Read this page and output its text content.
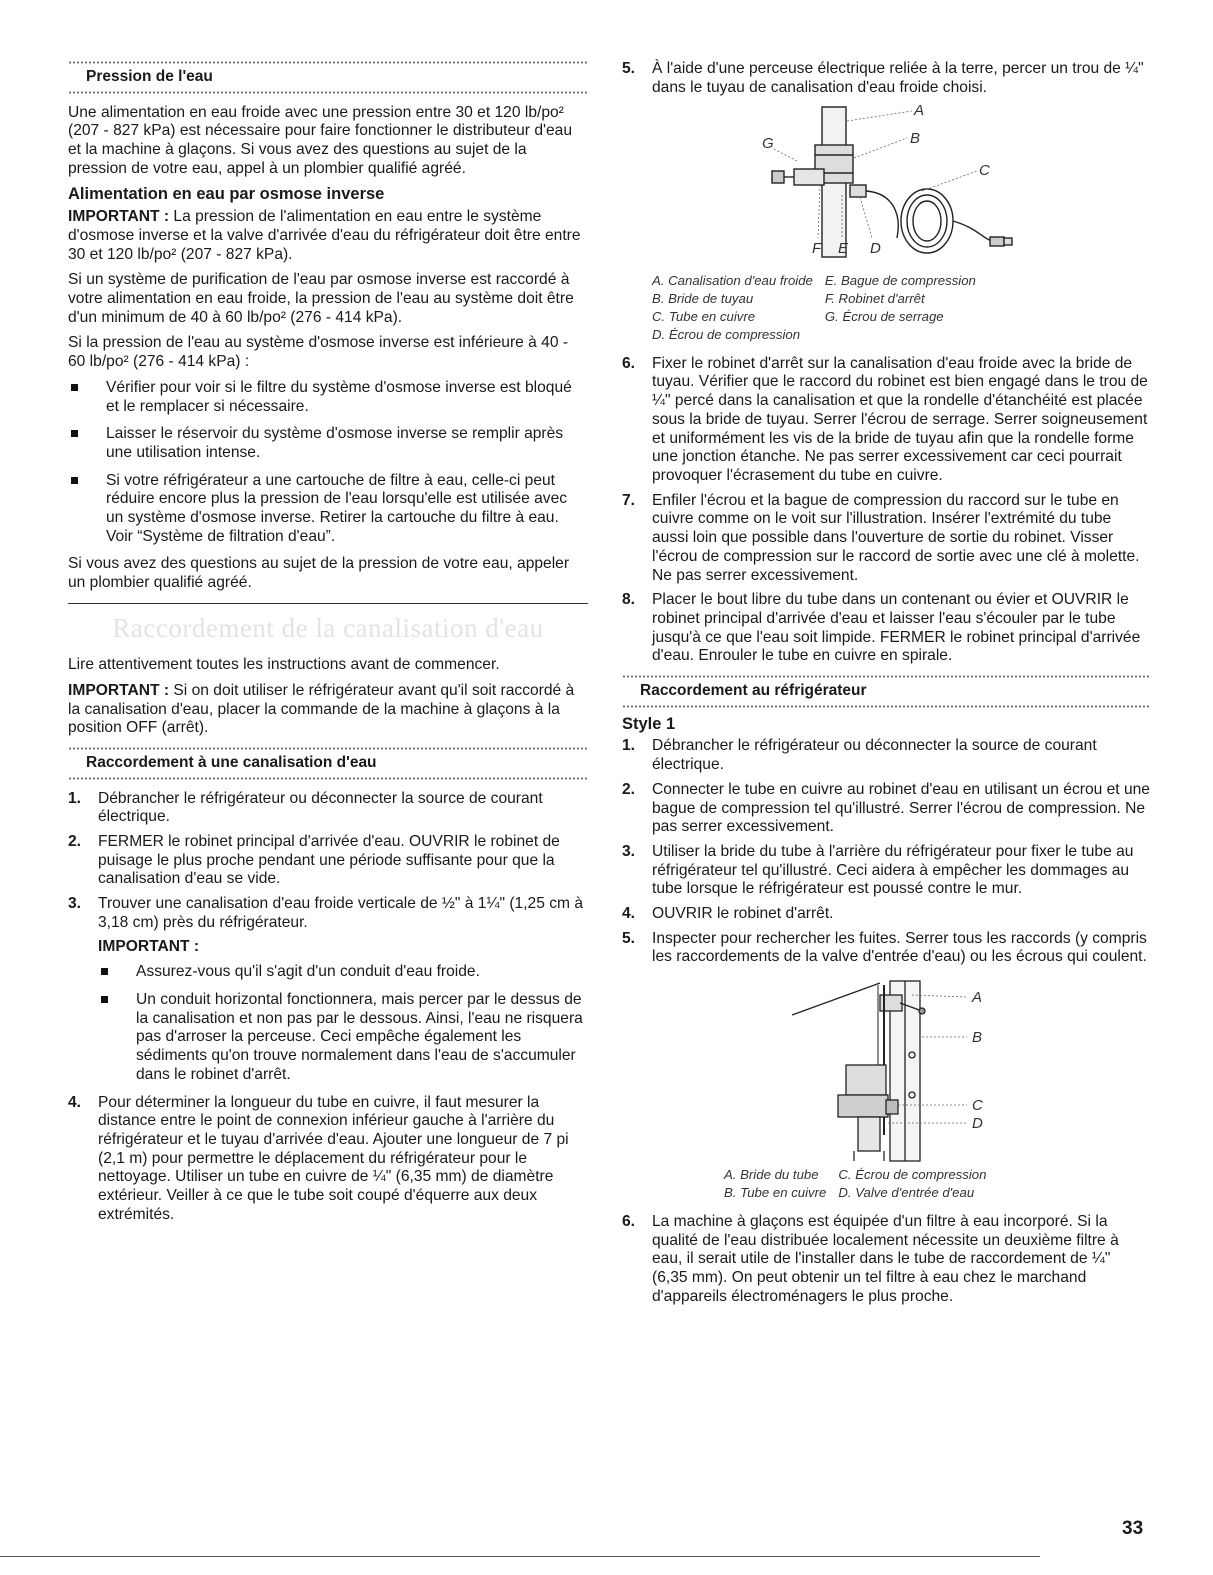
Pression de l'eau

Une alimentation en eau froide avec une pression entre 30 et 120 lb/po² (207 - 827 kPa) est nécessaire pour faire fonctionner le distributeur d'eau et la machine à glaçons. Si vous avez des questions au sujet de la pression de votre eau, appel à un plombier qualifié agréé.

Alimentation en eau par osmose inverse

IMPORTANT : La pression de l'alimentation en eau entre le système d'osmose inverse et la valve d'arrivée d'eau du réfrigérateur doit être entre 30 et 120 lb/po² (207 - 827 kPa).

Si un système de purification de l'eau par osmose inverse est raccordé à votre alimentation en eau froide, la pression de l'eau au système doit être d'un minimum de 40 à 60 lb/po² (276 - 414 kPa).

Si la pression de l'eau au système d'osmose inverse est inférieure à 40 - 60 lb/po² (276 - 414 kPa) :

Vérifier pour voir si le filtre du système d'osmose inverse est bloqué et le remplacer si nécessaire.
Laisser le réservoir du système d'osmose inverse se remplir après une utilisation intense.
Si votre réfrigérateur a une cartouche de filtre à eau, celle-ci peut réduire encore plus la pression de l'eau lorsqu'elle est utilisée avec un système d'osmose inverse. Retirer la cartouche du filtre à eau. Voir “Système de filtration d'eau”.

Si vous avez des questions au sujet de la pression de votre eau, appeler un plombier qualifié agréé.

Raccordement de la canalisation d'eau

Lire attentivement toutes les instructions avant de commencer.

IMPORTANT : Si on doit utiliser le réfrigérateur avant qu'il soit raccordé à la canalisation d'eau, placer la commande de la machine à glaçons à la position OFF (arrêt).

Raccordement à une canalisation d'eau
1. Débrancher le réfrigérateur ou déconnecter la source de courant électrique.
2. FERMER le robinet principal d'arrivée d'eau. OUVRIR le robinet de puisage le plus proche pendant une période suffisante pour que la canalisation d'eau se vide.
3. Trouver une canalisation d'eau froide verticale de ½" à 1¼" (1,25 cm à 3,18 cm) près du réfrigérateur.
IMPORTANT :
Assurez-vous qu'il s'agit d'un conduit d'eau froide.
Un conduit horizontal fonctionnera, mais percer par le dessus de la canalisation et non pas par le dessous. Ainsi, l'eau ne risquera pas d'arroser la perceuse. Ceci empêche également les sédiments qu'on trouve normalement dans l'eau de s'accumuler dans le robinet d'arrêt.
4. Pour déterminer la longueur du tube en cuivre, il faut mesurer la distance entre le point de connexion inférieur gauche à l'arrière du réfrigérateur et le tuyau d'arrivée d'eau. Ajouter une longueur de 7 pi (2,1 m) pour permettre le déplacement du réfrigérateur pour le nettoyage. Utiliser un tube en cuivre de ¼" (6,35 mm) de diamètre extérieur. Veiller à ce que le tube soit coupé d'équerre aux deux extrémités.
5. À l'aide d'une perceuse électrique reliée à la terre, percer un trou de ¼" dans le tuyau de canalisation d'eau froide choisi.
A
B
C
G
F E D
A. Canalisation d'eau froide	E. Bague de compression
B. Bride de tuyau	F. Robinet d'arrêt
C. Tube en cuivre	G. Écrou de serrage
D. Écrou de compression	
6. Fixer le robinet d'arrêt sur la canalisation d'eau froide avec la bride de tuyau. Vérifier que le raccord du robinet est bien engagé dans le trou de ¼" percé dans la canalisation et que la rondelle d'étanchéité est placée sous la bride de tuyau. Serrer l'écrou de serrage. Serrer soigneusement et uniformément les vis de la bride de tuyau afin que la rondelle forme une jonction étanche. Ne pas serrer excessivement car ceci pourrait provoquer l'écrasement du tube en cuivre.
7. Enfiler l'écrou et la bague de compression du raccord sur le tube en cuivre comme on le voit sur l'illustration. Insérer l'extrémité du tube aussi loin que possible dans l'ouverture de sortie du robinet. Visser l'écrou de compression sur le raccord de sortie avec une clé à molette. Ne pas serrer excessivement.
8. Placer le bout libre du tube dans un contenant ou évier et OUVRIR le robinet principal d'arrivée d'eau et laisser l'eau s'écouler par le tube jusqu'à ce que l'eau soit limpide. FERMER le robinet principal d'arrivée d'eau. Enrouler le tube en cuivre en spirale.
Raccordement au réfrigérateur
Style 1
1. Débrancher le réfrigérateur ou déconnecter la source de courant électrique.
2. Connecter le tube en cuivre au robinet d'eau en utilisant un écrou et une bague de compression tel qu'illustré. Serrer l'écrou de compression. Ne pas serrer excessivement.
3. Utiliser la bride du tube à l'arrière du réfrigérateur pour fixer le tube au réfrigérateur tel qu'illustré. Ceci aidera à empêcher les dommages au tube lorsque le réfrigérateur est poussé contre le mur.
4. OUVRIR le robinet d'arrêt.
5. Inspecter pour rechercher les fuites. Serrer tous les raccords (y compris les raccordements de la valve d'entrée d'eau) ou les écrous qui coulent.
A
B
C
D
A. Bride du tube	C. Écrou de compression
B. Tube en cuivre	D. Valve d'entrée d'eau
6. La machine à glaçons est équipée d'un filtre à eau incorporé. Si la qualité de l'eau distribuée localement nécessite un deuxième filtre à eau, il serait utile de l'installer dans le tube de raccordement de ¼" (6,35 mm). On peut obtenir un tel filtre à eau chez le marchand d'appareils électroménagers le plus proche.
33
